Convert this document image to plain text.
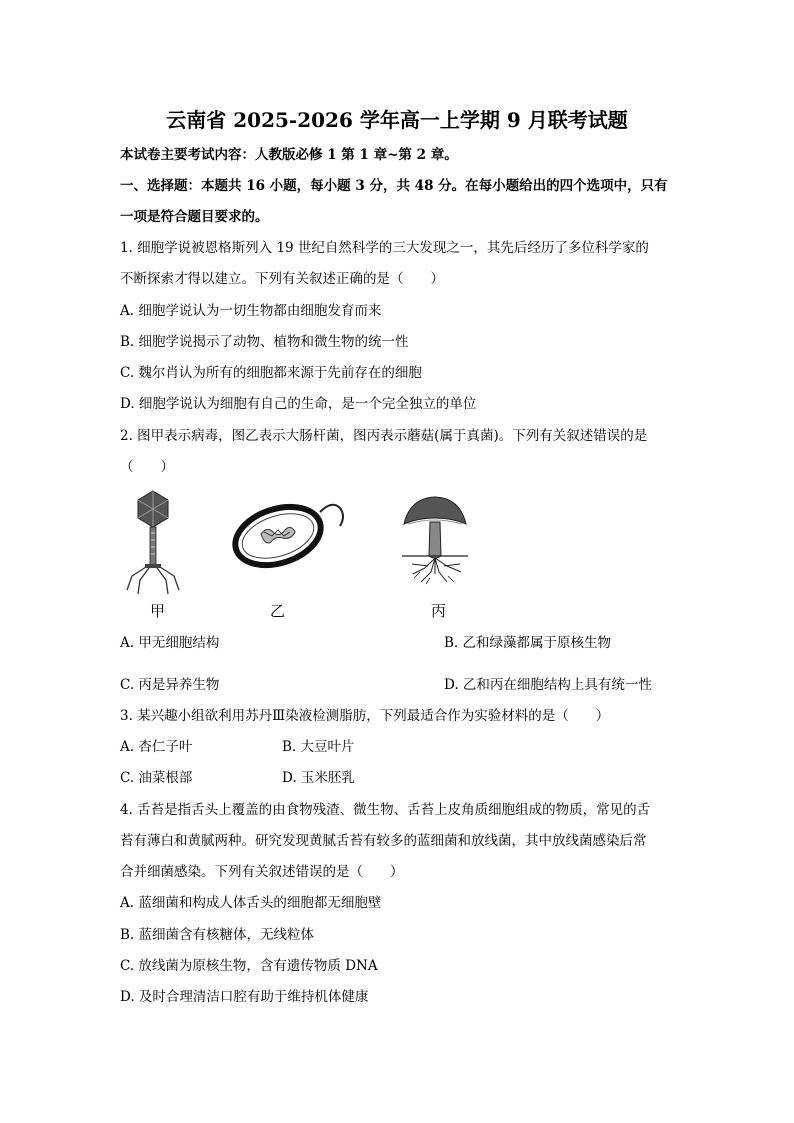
云南省 2025-2026 学年高一上学期 9 月联考试题
本试卷主要考试内容：人教版必修 1 第 1 章~第 2 章。
一、选择题：本题共 16 小题，每小题 3 分，共 48 分。在每小题给出的四个选项中，只有
一项是符合题目要求的。
1. 细胞学说被恩格斯列入 19 世纪自然科学的三大发现之一，其先后经历了多位科学家的
不断探索才得以建立。下列有关叙述正确的是（　　）
A. 细胞学说认为一切生物都由细胞发育而来
B. 细胞学说揭示了动物、植物和微生物的统一性
C. 魏尔肖认为所有的细胞都来源于先前存在的细胞
D. 细胞学说认为细胞有自己的生命，是一个完全独立的单位
2. 图甲表示病毒，图乙表示大肠杆菌，图丙表示蘑菇(属于真菌)。下列有关叙述错误的是
（　　）
甲	乙	丙
A. 甲无细胞结构	B. 乙和绿藻都属于原核生物
C. 丙是异养生物	D. 乙和丙在细胞结构上具有统一性
3. 某兴趣小组欲利用苏丹Ⅲ染液检测脂肪，下列最适合作为实验材料的是（　　）
A. 杏仁子叶	B. 大豆叶片
C. 油菜根部	D. 玉米胚乳
4. 舌苔是指舌头上覆盖的由食物残渣、微生物、舌苔上皮角质细胞组成的物质，常见的舌
苔有薄白和黄腻两种。研究发现黄腻舌苔有较多的蓝细菌和放线菌，其中放线菌感染后常
合并细菌感染。下列有关叙述错误的是（　　）
A. 蓝细菌和构成人体舌头的细胞都无细胞壁
B. 蓝细菌含有核糖体，无线粒体
C. 放线菌为原核生物，含有遗传物质 DNA
D. 及时合理清洁口腔有助于维持机体健康
